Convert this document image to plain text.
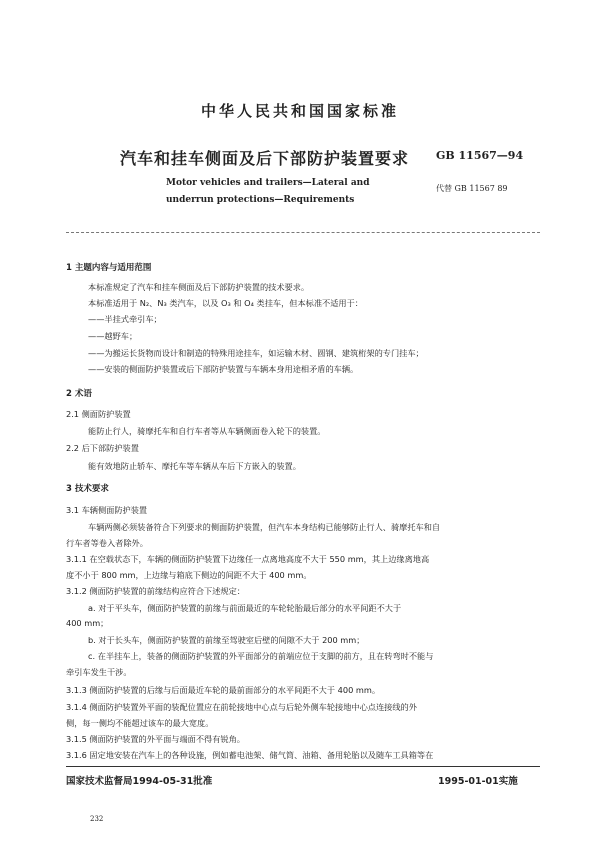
中华人民共和国国家标准
汽车和挂车侧面及后下部防护装置要求 GB 11567—94
Motor vehicles and trailers—Lateral and
underrun protections—Requirements
代替 GB 11567 89
1 主题内容与适用范围
本标准规定了汽车和挂车侧面及后下部防护装置的技术要求。
本标准适用于 N₂、N₃ 类汽车，以及 O₃ 和 O₄ 类挂车，但本标准不适用于：
——半挂式牵引车；
——越野车；
——为搬运长货物而设计和制造的特殊用途挂车，如运输木材、圆钢、建筑桁架的专门挂车；
——安装的侧面防护装置或后下部防护装置与车辆本身用途相矛盾的车辆。
2 术语
2.1 侧面防护装置
能防止行人，骑摩托车和自行车者等从车辆侧面卷入轮下的装置。
2.2 后下部防护装置
能有效地防止轿车、摩托车等车辆从车后下方嵌入的装置。
3 技术要求
3.1 车辆侧面防护装置
车辆两侧必须装备符合下列要求的侧面防护装置，但汽车本身结构已能够防止行人、骑摩托车和自
行车者等卷入者除外。
3.1.1 在空载状态下，车辆的侧面防护装置下边缘任一点离地高度不大于 550 mm，其上边缘离地高
度不小于 800 mm，上边缘与箱底下侧边的间距不大于 400 mm。
3.1.2 侧面防护装置的前缘结构应符合下述规定：
a. 对于平头车，侧面防护装置的前缘与前面最近的车轮轮胎最后部分的水平间距不大于
400 mm；
b. 对于长头车，侧面防护装置的前缘至驾驶室后壁的间隙不大于 200 mm；
c. 在半挂车上，装备的侧面防护装置的外平面部分的前端应位于支脚的前方，且在转弯时不能与
牵引车发生干涉。
3.1.3 侧面防护装置的后缘与后面最近车轮的最前面部分的水平间距不大于 400 mm。
3.1.4 侧面防护装置外平面的装配位置应在前轮接地中心点与后轮外侧车轮接地中心点连接线的外
侧，每一侧均不能超过该车的最大宽度。
3.1.5 侧面防护装置的外平面与端面不得有锐角。
3.1.6 固定地安装在汽车上的各种设施，例如蓄电池架、储气筒、油箱、备用轮胎以及随车工具箱等在
国家技术监督局1994-05-31批准	1995-01-01实施
232
